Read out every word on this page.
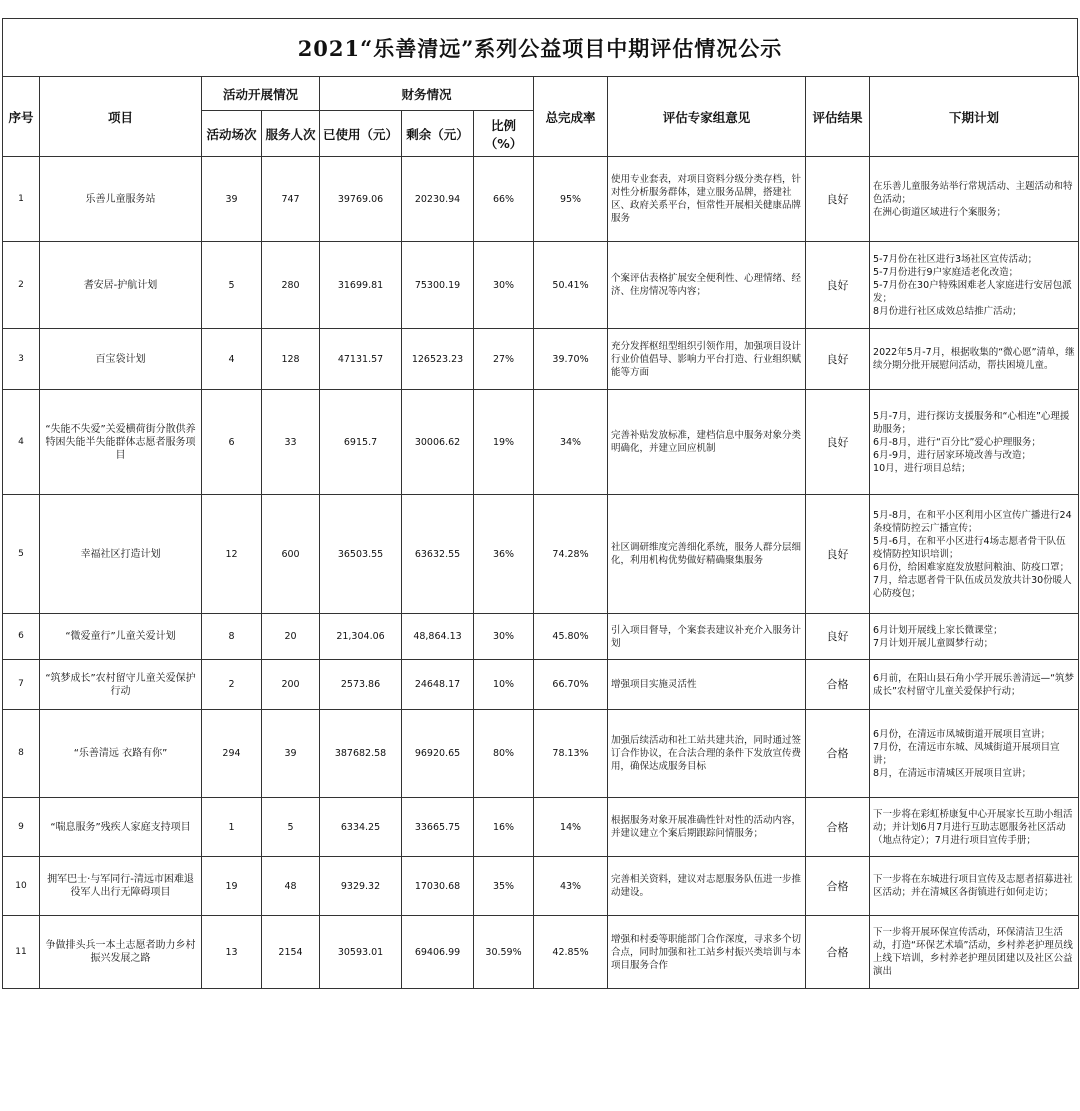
2021“乐善清远”系列公益项目中期评估情况公示
序号	项目	活动开展情况		财务情况			总完成率	评估专家组意见	评估结果	下期计划
		活动场次	服务人次	已使用（元）	剩余（元）	比例（%）				
1	乐善儿童服务站	39	747	39769.06	20230.94	66%	95%	使用专业套表，对项目资料分级分类存档，针对性分析服务群体，建立服务品牌，搭建社区、政府关系平台，恒常性开展相关健康品牌服务	良好	在乐善儿童服务站举行常规活动、主题活动和特色活动；
在洲心街道区域进行个案服务；

2	耆安居-护航计划	5	280	31699.81	75300.19	30%	50.41%	个案评估表格扩展安全便利性、心理情绪、经济、住房情况等内容；	良好	5-7月份在社区进行3场社区宣传活动；
5-7月份进行9户家庭适老化改造；
5-7月份在30户特殊困难老人家庭进行安居包派发；
8月份进行社区成效总结推广活动；

3	百宝袋计划	4	128	47131.57	126523.23	27%	39.70%	充分发挥枢纽型组织引领作用，加强项目设计行业价值倡导、影响力平台打造、行业组织赋能等方面	良好	2022年5月-7月，根据收集的“微心愿”清单，继续分期分批开展慰问活动，帮扶困境儿童。

4	“失能不失爱”关爱横荷街分散供养特困失能半失能群体志愿者服务项目	6	33	6915.7	30006.62	19%	34%	完善补贴发放标准，建档信息中服务对象分类明确化，并建立回应机制	良好	5月-7月，进行探访支援服务和“心相连”心理援助服务；
6月-8月，进行“百分比”爱心护理服务；
6月-9月，进行居家环境改善与改造；
10月，进行项目总结；

5	幸福社区打造计划	12	600	36503.55	63632.55	36%	74.28%	社区调研维度完善细化系统，服务人群分层细化，利用机构优势做好精确聚集服务	良好	5月-8月，在和平小区利用小区宣传广播进行24条疫情防控云广播宣传；
5月-6月，在和平小区进行4场志愿者骨干队伍疫情防控知识培训；
6月份，给困难家庭发放慰问粮油、防疫口罩；
7月，给志愿者骨干队伍成员发放共计30份暖人心防疫包；

6	“微爱童行”儿童关爱计划	8	20	21,304.06	48,864.13	30%	45.80%	引入项目督导，个案套表建议补充介入服务计划	良好	6月计划开展线上家长微课堂；
7月计划开展儿童圆梦行动；

7	“筑梦成长”农村留守儿童关爱保护行动	2	200	2573.86	24648.17	10%	66.70%	增强项目实施灵活性	合格	6月前，在阳山县石角小学开展乐善清远—“筑梦成长”农村留守儿童关爱保护行动；

8	“乐善清远 衣路有你”	294	39	387682.58	96920.65	80%	78.13%	加强后续活动和社工站共建共治，同时通过签订合作协议，在合法合理的条件下发放宣传费用，确保达成服务目标	合格	6月份，在清远市凤城街道开展项目宣讲；
7月份，在清远市东城、凤城街道开展项目宣讲；
8月，在清远市清城区开展项目宣讲；

9	“喘息服务”残疾人家庭支持项目	1	5	6334.25	33665.75	16%	14%	根据服务对象开展准确性针对性的活动内容，并建议建立个案后期跟踪问情服务；	合格	下一步将在彩虹桥康复中心开展家长互助小组活动；并计划6月7月进行互助志愿服务社区活动（地点待定）；7月进行项目宣传手册；

10	拥军巴士·与军同行-清远市困难退役军人出行无障碍项目	19	48	9329.32	17030.68	35%	43%	完善相关资料，建议对志愿服务队伍进一步推动建设。	合格	下一步将在东城进行项目宣传及志愿者招募进社区活动；并在清城区各街镇进行如何走访；

11	争做排头兵一本土志愿者助力乡村振兴发展之路	13	2154	30593.01	69406.99	30.59%	42.85%	增强和村委等职能部门合作深度，寻求多个切合点，同时加强和社工站乡村振兴类培训与本项目服务合作	合格	下一步将开展环保宣传活动，环保清洁卫生活动，打造“环保艺术墙”活动，乡村养老护理员线上线下培训，乡村养老护理员团建以及社区公益演出
